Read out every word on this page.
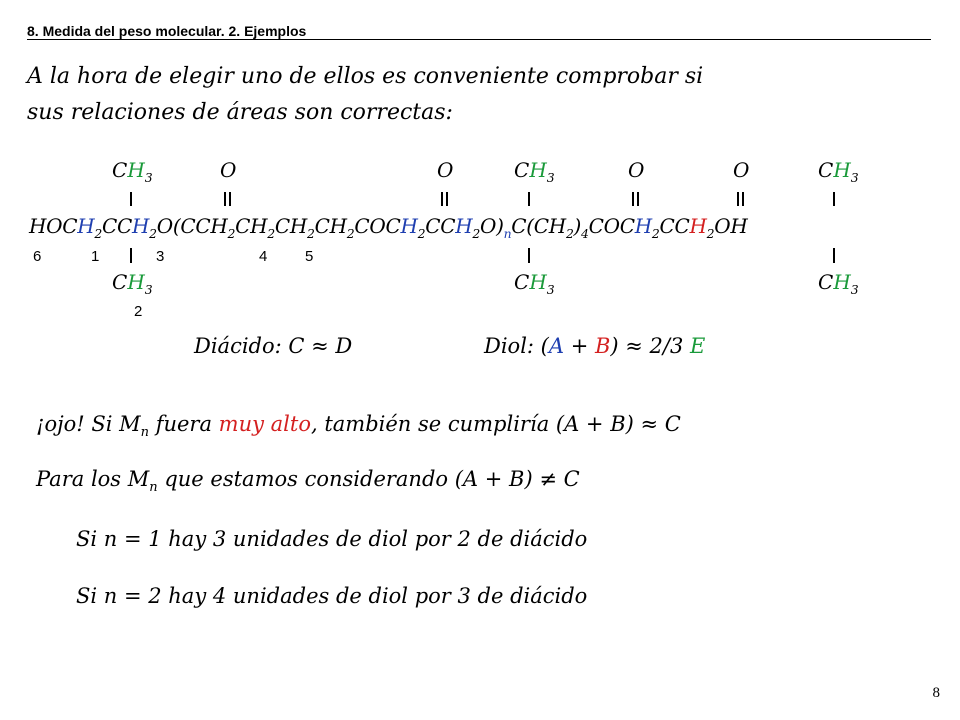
8. Medida del peso molecular. 2. Ejemplos
A la hora de elegir uno de ellos es conveniente comprobar si
sus relaciones de áreas son correctas:
$CH_3$	O	O	$CH_3$	O	O	$CH_3$
$HOCH_2CCH_2O(CCH_2CH_2CH_2CH_2COCH_2CCH_2O)_nC(CH_2)_4COCH_2CCH_2OH$
6	1	3	4	5
$CH_3$	$CH_3$	$CH_3$
2
Diácido: C ≈ D	Diol: (A + B) ≈ 2/3 E
¡ojo! Si $M_n$ fuera muy alto, también se cumpliría (A + B) ≈ C
Para los $M_n$ que estamos considerando (A + B) ≠ C
Si n = 1 hay 3 unidades de diol por 2 de diácido
Si n = 2 hay 4 unidades de diol por 3 de diácido
8
